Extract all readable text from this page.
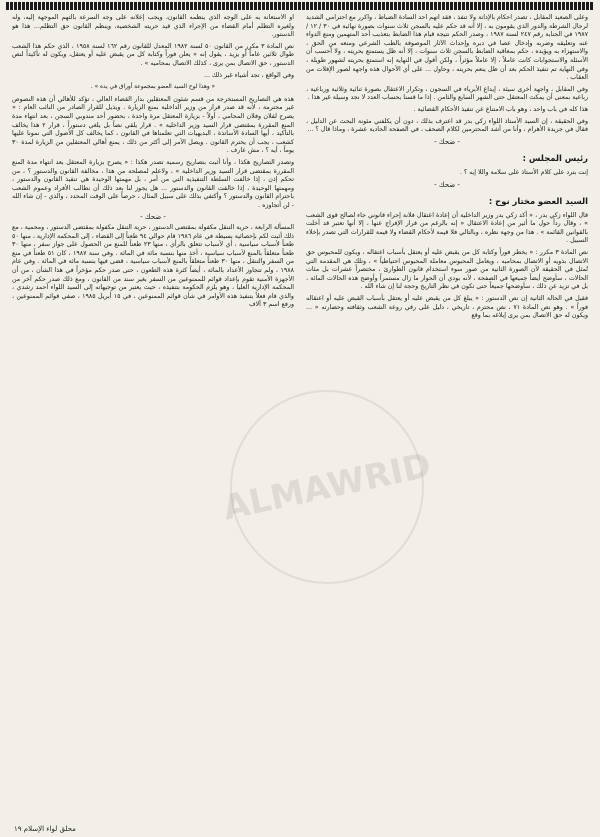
وعلى الصعيد المقابل ، تصدر أحكام بالإدانة ولا تنفذ ، فقد اتهم أحد السادة الضباط ، وأكرر مع احترامي الشديد لرجال الشرطة والدور الذي يقومون به ، إلا أنه قد حكم عليه بالسجن ثلاث سنوات بصورة نهائية في ٣٠ / ١٢ / ١٩٨٧ في الجناية رقم ٢٤٧ لسنة ١٩٨٧ ، وصدر الحكم نتيجة قيام هذا الضابط بتعذيب أحد المتهمين ومنع الدواء عنه وتعليقه وضربه وإدخال عصا في دبره وإحداث الآثار الموصوفة بالطب الشرعي ومنعه من الحق ، والاستهزاء به ويؤيده ، حكم بمعاقبة الضابط بالسجن ثلاث سنوات ، إلا أنه ظل يستمتع بحريته ، ولا أحسب أن الأسئلة والاستجوابات كانت عاملاً ، إلا عاملاً مؤثراً ، ولكن أقول في النهاية إنه استمتع بحريته لشهور طويلة ، وفي النهاية تم تنفيذ الحكم بعد أن ظل ينعم بحريته ، وحاول ... على أي الأحوال هذه واجهة لصور الإفلات من العقاب .

وفي المقابل ، واجهة أخرى سيئة ، إيداع الأبرياء في السجون ، وتكرار الاعتقال بصورة ثنائية وثلاثية ورباعية ، رباعية بمعنى أن يمكث المعتقل حتى الشهر السابع والثامن . إذا ما قسنا بحساب العدد لا نجد وسيلة غير هذا .

هذا كله في باب واحد ، وهو باب الامتناع عن تنفيذ الأحكام القضائية .

وفي الحقيقة ، إن السيد الأستاذ اللواء زكي بدر قد اعترف بذلك ، دون أن يكلفني مئونة البحث عن الدليل ، فقال في جريدة الأهرام ، وأنا من أشد المحترمين لكلام الصحف ، في الصفحة الحادية عشرة ، وماذا قال ؟ ...

- ضحك -

رئيس المجلس :

إنت بترد على كلام الأستاذ على سلامة واللا إيه ؟ .

- ضحك -

السيد العضو مختار نوح :

قال اللواء زكي بدر ، « أكد زكي بدر وزير الداخلية أن إعادة اعتقال فلانة إجراء قانوني جاء لصالح قوى الشعب » ، وقال رداً حول ما أثير من إعادة الاعتقال « إنه بالرغم من قرار الإفراج عنها ، إلا أنها تعتبر قد أخلت بالقوانين القائمة » . هذا من وجهة نظره ، وبالتالي فلا قيمة لأحكام القضاء ولا قيمة للقرارات التي تصدر بإخلاء السبيل .

نص المادة ٣ مكرر : « يخطر فوراً وكتابة كل من يقبض عليه أو يعتقل بأسباب اعتقاله ، ويكون للمحبوس حق الاتصال بذويه أو الاتصال بمحاميه ، ويعامل المحبوس معاملة المحبوس احتياطياً » ، وتلك هي المقدمة التي تُمثل في الحقيقة لأن الصورة الثانية من صور سوء استخدام قانون الطوارئ ، مختصراً عشرات بل مئات الحالات ، سأوضح أيضاً جميعها في الصفحة ، لأنه بودي أن الحوار ما زال مستمراً وأوضح هذه الحالات المائة ، بل في تزيد عن ذلك ، سأوضحها جميعاً حتى تكون في نظر التاريخ وحجة لنا إن شاء الله .

فقيل في الحالة الثانية إن نص الدستور : « يبلغ كل من يقبض عليه أو يعتقل بأسباب القبض عليه أو اعتقاله فوراً » . وهو نص المادة ٧١ ، نص محترم ، تاريخي ، دليل على رقي روعة الشعب وثقافته وحضارته « ... ويكون له حق الاتصال بمن يرى إبلاغه بما وقع

أو الاستعانة به على الوجه الذي ينظمه القانون، ويجب إعلانه على وجه السرعة بالتهم الموجهة إليه، وله ولغيره التظلم أمام القضاء من الإجراء الذي قيد حريته الشخصية، وينظم القانون حق التظلم... هذا هو الدستور.

نص المادة ٣ مكرر من القانون ٥٠ لسنة ١٩٨٢ المعدل للقانون رقم ١٦٢ لسنة ١٩٥٨ ، الذي حكم هذا الشعب طوال ثلاثين عاماً أو يزيد ، يقول إنه « يعلن فوراً وكتابة كل من يقبض عليه أو يعتقل، ويكون له تأكيداً لنص الدستور ، حق الاتصال بمن يرى ، كذلك الاتصال بمحاميه » .

وفي الواقع ، تجد أشياء غير ذلك ...

« وهذا لوح السيد العضو بمجموعة أوراق في يده » .

هذه هي التصاريح المستخرجة من قسم شئون المعتقلين بدار القضاء العالي ، تؤكد للأهالي أن هذه النصوص غير محترمة ، لأنه قد صدر قرار من وزير الداخلية بمنع الزيارة . ويذيل للقرار الصادر من النائب العام : « يصرح لفلان وفلان المحامي ، أولاً - بزيارة المعتقل مرة واحدة ، بحضور أحد مندوبي السجن ، بعد انتهاء مدة المنع المقررة بمقتضى قرار السيد وزير الداخلية » . قرار يلقي نصاً بل يلغي دستوراً ، قرار ٢ هذا يخالف بالتأكيد ، أيها السادة الأساتذة ، البديهيات التي تعلمناها في القانون ، كما يخالف كل الأصول التي نمونا عليها كشعب ، يجب أن يحترم القانون . ويصل الأمر إلى أكثر من ذلك ، يمنع أهالي المعتقلين من الزيارة لمدة ٣٠ يوماً ، أيه ؟ ، مش عارف .

وتصدر التصاريح هكذا ، وأنا أثبت بتصاريح رسمية تصدر هكذا : « يصرح بزيارة المعتقل بعد انتهاء مدة المنع المقررة بمقتضى قرار السيد وزير الداخلية » ، ولاعلم لمصلحة من هذا ، مخالفة القانون والدستور ؟ ، من تحكم إذن ، إذا خالفت السلطة التنفيذية التي من أمر ، بل مهمتها الوحيدة هي تنفيذ القانون والدستور ، ومهمتها الوحيدة ، إذا خالفت القانون والدستور ... هل يجوز لنا بعد ذلك أن نطالب الأفراد وعموم الشعب باحترام القانون والدستور ؟ وأكتفي بذلك على سبيل المثال ، حرصاً على الوقت المحدد ، والذي - إن شاء الله - لن أتجاوزه .

- ضحك -

المسألة الرابعة ، حرية التنقل مكفولة بمقتضى الدستور ، حرية التنقل مكفولة بمقتضى الدستور ، ومحمية ، مع ذلك أثبت لكم بإحصائية بسيطة في عام ١٩٨٦ قام حوالي ٩٤ طعناً إلى القضاء ، إلى المحكمة الإدارية ، منها ٥٠ طعناً لأسباب سياسية ، أي لأسباب تتعلق بالرأي ، منها ٢٣ طعناً للمنع من الحصول على جواز سفر ، منها ٣٠ طعناً متعلقاً بالمنع لأسباب سياسية ، أخذ منها بنسبة مائة في المائة . وفي سنة ١٩٨٧ ، كان ٥١ طعناً في منع من السفر والتنقل ، منها ٣٠ طعناً متعلقاً بالمنع لأسباب سياسية ، قضى فيها بنسبة مائة في المائة . وفي عام ١٩٨٨ ، ولم تتجاوز الأعداد بالمائة ، أيضاً كثرة هذه الطعون ، حتى صدر حكم مؤخراً في هذا الشأن ، من أن الأجهزة الأمنية تقوم بإعداد قوائم للممنوعين من السفر بغير سند من القانون ، ومع ذلك صدر حكم آخر من المحكمة الإدارية العليا ، وهو يلزم الحكومة بتنفيذه ، حيث يعتبر من توجيهاته إلى السيد اللواء أحمد رشدي ، والذي قام فعلاً بتنفيذ هذه الأوامر في شأن قوائم الممنوعين ، في ١٥ أبريل ١٩٨٥ ، صفي قوائم الممنوعين ، ورفع اسم ٣ آلاف

ALMAWRID
محلق لواء الإسلام ١٩
